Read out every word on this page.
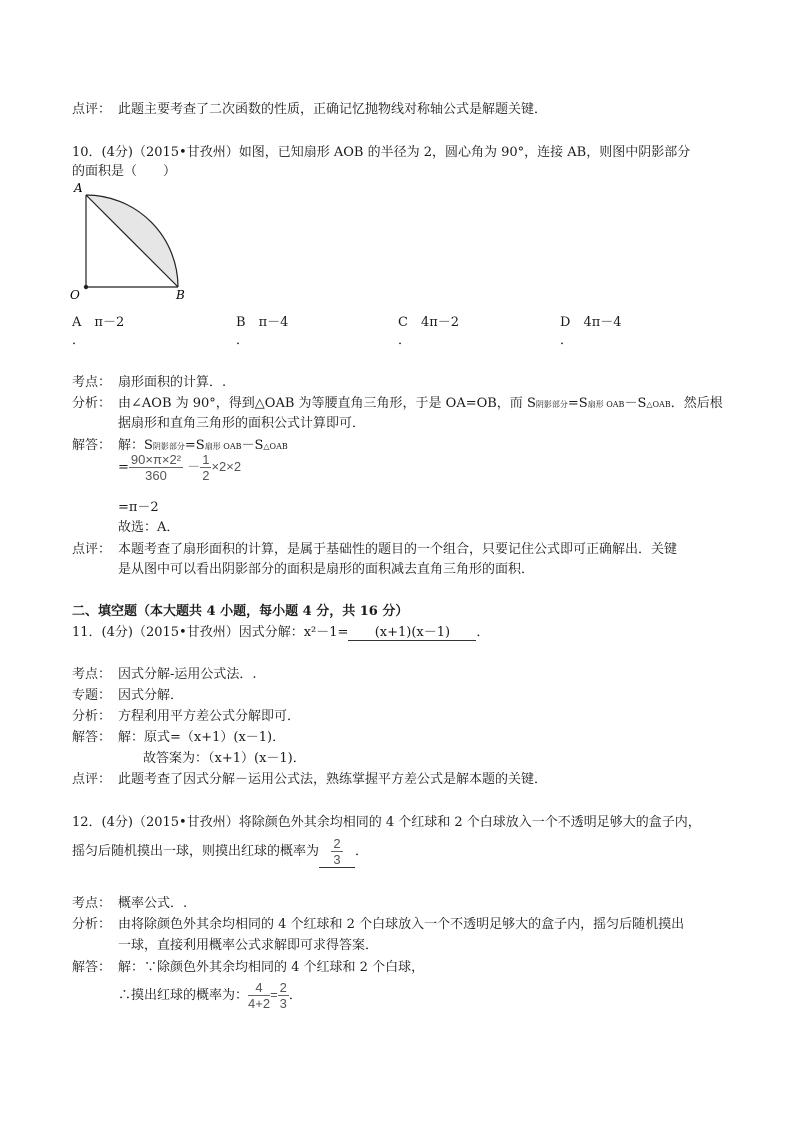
点评： 此题主要考查了二次函数的性质，正确记忆抛物线对称轴公式是解题关键．
10．(4分)（2015•甘孜州）如图，已知扇形 AOB 的半径为 2，圆心角为 90°，连接 AB，则图中阴影部分
的面积是（　　）
A
O	B
A　 π－2	B　 π－4	C　 4π－2	D　 4π－4
．	．	．	．
考点： 扇形面积的计算．.
分析： 由∠AOB 为 90°，得到△OAB 为等腰直角三角形，于是 OA=OB，而 S阴影部分=S扇形 OAB－S△OAB．然后根
据扇形和直角三角形的面积公式计算即可．
解答： 解：S阴影部分=S扇形 OAB－S△OAB
= $\frac{\text{90×π×2²}}{360} - \frac{1}{2} \times 2\times 2$
=π－2
故选：A．
点评： 本题考查了扇形面积的计算，是属于基础性的题目的一个组合，只要记住公式即可正确解出．关键
是从图中可以看出阴影部分的面积是扇形的面积减去直角三角形的面积．
二、填空题（本大题共 4 小题，每小题 4 分，共 16 分）
11．(4分)（2015•甘孜州）因式分解：x²－1= (x+1)(x－1) ．
考点： 因式分解-运用公式法．.
专题： 因式分解．
分析： 方程利用平方差公式分解即可．
解答： 解：原式=（x+1）(x－1)．
故答案为：（x+1）(x－1)．
点评： 此题考查了因式分解－运用公式法，熟练掌握平方差公式是解本题的关键．
12．(4分)（2015•甘孜州）将除颜色外其余均相同的 4 个红球和 2 个白球放入一个不透明足够大的盒子内，
摇匀后随机摸出一球，则摸出红球的概率为 $\frac{2}{3}$ ．
考点： 概率公式．.
分析： 由将除颜色外其余均相同的 4 个红球和 2 个白球放入一个不透明足够大的盒子内，摇匀后随机摸出
一球，直接利用概率公式求解即可求得答案．
解答： 解：∵除颜色外其余均相同的 4 个红球和 2 个白球，
∴摸出红球的概率为： $\frac{4}{4+2} = \frac{2}{3}$ ．
